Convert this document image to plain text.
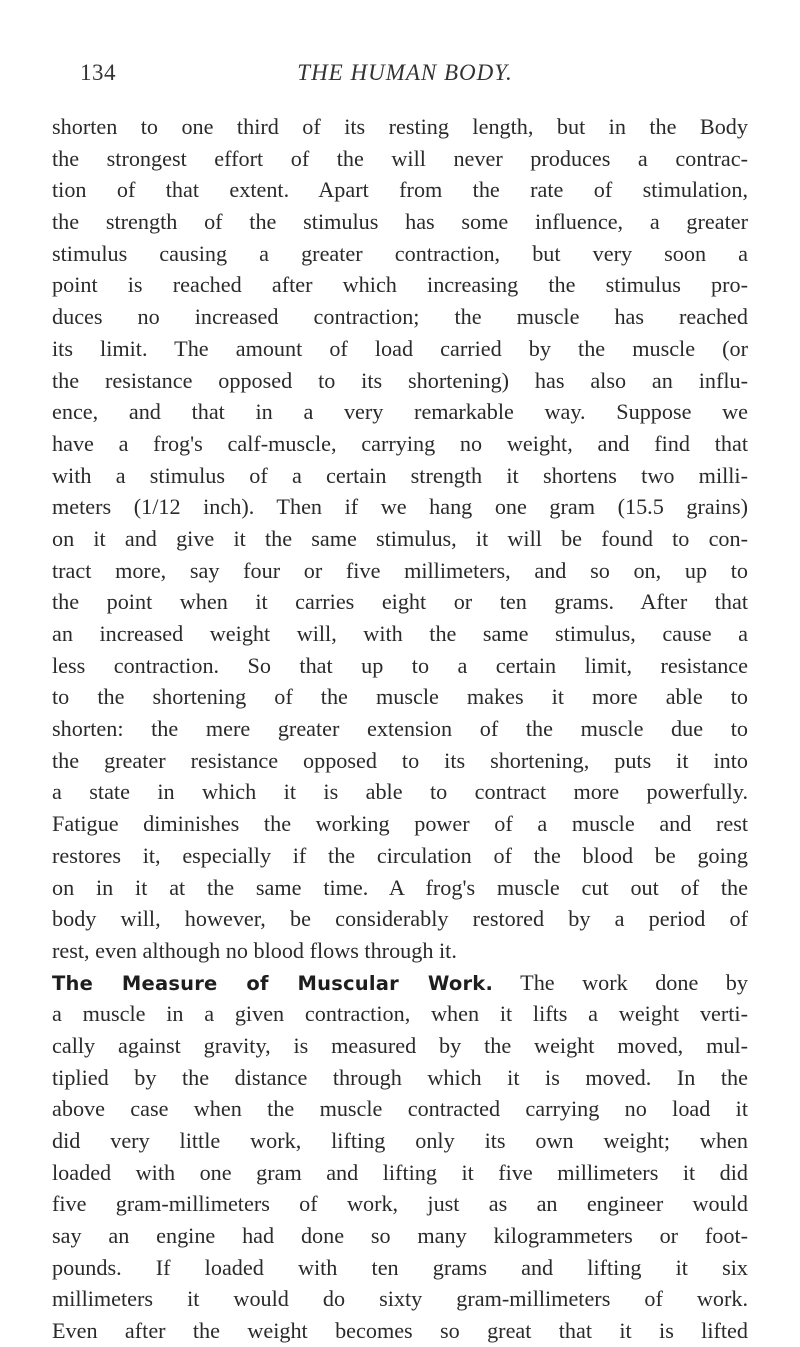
134	THE HUMAN BODY.
shorten to one third of its resting length, but in the Body
the strongest effort of the will never produces a contrac-
tion of that extent. Apart from the rate of stimulation,
the strength of the stimulus has some influence, a greater
stimulus causing a greater contraction, but very soon a
point is reached after which increasing the stimulus pro-
duces no increased contraction; the muscle has reached
its limit. The amount of load carried by the muscle (or
the resistance opposed to its shortening) has also an influ-
ence, and that in a very remarkable way. Suppose we
have a frog's calf-muscle, carrying no weight, and find that
with a stimulus of a certain strength it shortens two milli-
meters (1/12 inch). Then if we hang one gram (15.5 grains)
on it and give it the same stimulus, it will be found to con-
tract more, say four or five millimeters, and so on, up to
the point when it carries eight or ten grams. After that
an increased weight will, with the same stimulus, cause a
less contraction. So that up to a certain limit, resistance
to the shortening of the muscle makes it more able to
shorten: the mere greater extension of the muscle due to
the greater resistance opposed to its shortening, puts it into
a state in which it is able to contract more powerfully.
Fatigue diminishes the working power of a muscle and rest
restores it, especially if the circulation of the blood be going
on in it at the same time. A frog's muscle cut out of the
body will, however, be considerably restored by a period of
rest, even although no blood flows through it.
The Measure of Muscular Work. The work done by
a muscle in a given contraction, when it lifts a weight verti-
cally against gravity, is measured by the weight moved, mul-
tiplied by the distance through which it is moved. In the
above case when the muscle contracted carrying no load it
did very little work, lifting only its own weight; when
loaded with one gram and lifting it five millimeters it did
five gram-millimeters of work, just as an engineer would
say an engine had done so many kilogrammeters or foot-
pounds. If loaded with ten grams and lifting it six
millimeters it would do sixty gram-millimeters of work.
Even after the weight becomes so great that it is lifted
